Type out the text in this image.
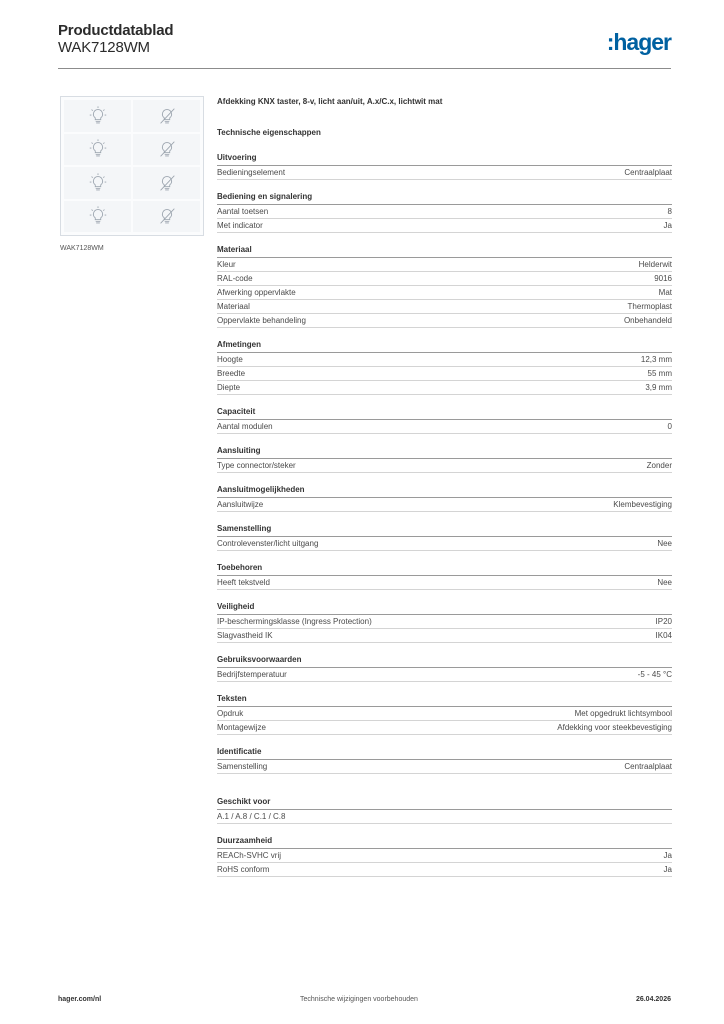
Productdatablad
WAK7128WM	:hager
WAK7128WM
Afdekking KNX taster, 8-v, licht aan/uit, A.x/C.x, lichtwit mat
Technische eigenschappen
Uitvoering
Bedieningselement	Centraalplaat
Bediening en signalering
Aantal toetsen	8
Met indicator	Ja
Materiaal
Kleur	Helderwit
RAL-code	9016
Afwerking oppervlakte	Mat
Materiaal	Thermoplast
Oppervlakte behandeling	Onbehandeld
Afmetingen
Hoogte	12,3 mm
Breedte	55 mm
Diepte	3,9 mm
Capaciteit
Aantal modulen	0
Aansluiting
Type connector/steker	Zonder
Aansluitmogelijkheden
Aansluitwijze	Klembevestiging
Samenstelling
Controlevenster/licht uitgang	Nee
Toebehoren
Heeft tekstveld	Nee
Veiligheid
IP-beschermingsklasse (Ingress Protection)	IP20
Slagvastheid IK	IK04
Gebruiksvoorwaarden
Bedrijfstemperatuur	-5 - 45 °C
Teksten
Opdruk	Met opgedrukt lichtsymbool
Montagewijze	Afdekking voor steekbevestiging
Identificatie
Samenstelling	Centraalplaat
Geschikt voor
A.1 / A.8 / C.1 / C.8
Duurzaamheid
REACh-SVHC vrij	Ja
RoHS conform	Ja
hager.com/nl	Technische wijzigingen voorbehouden	26.04.2026
